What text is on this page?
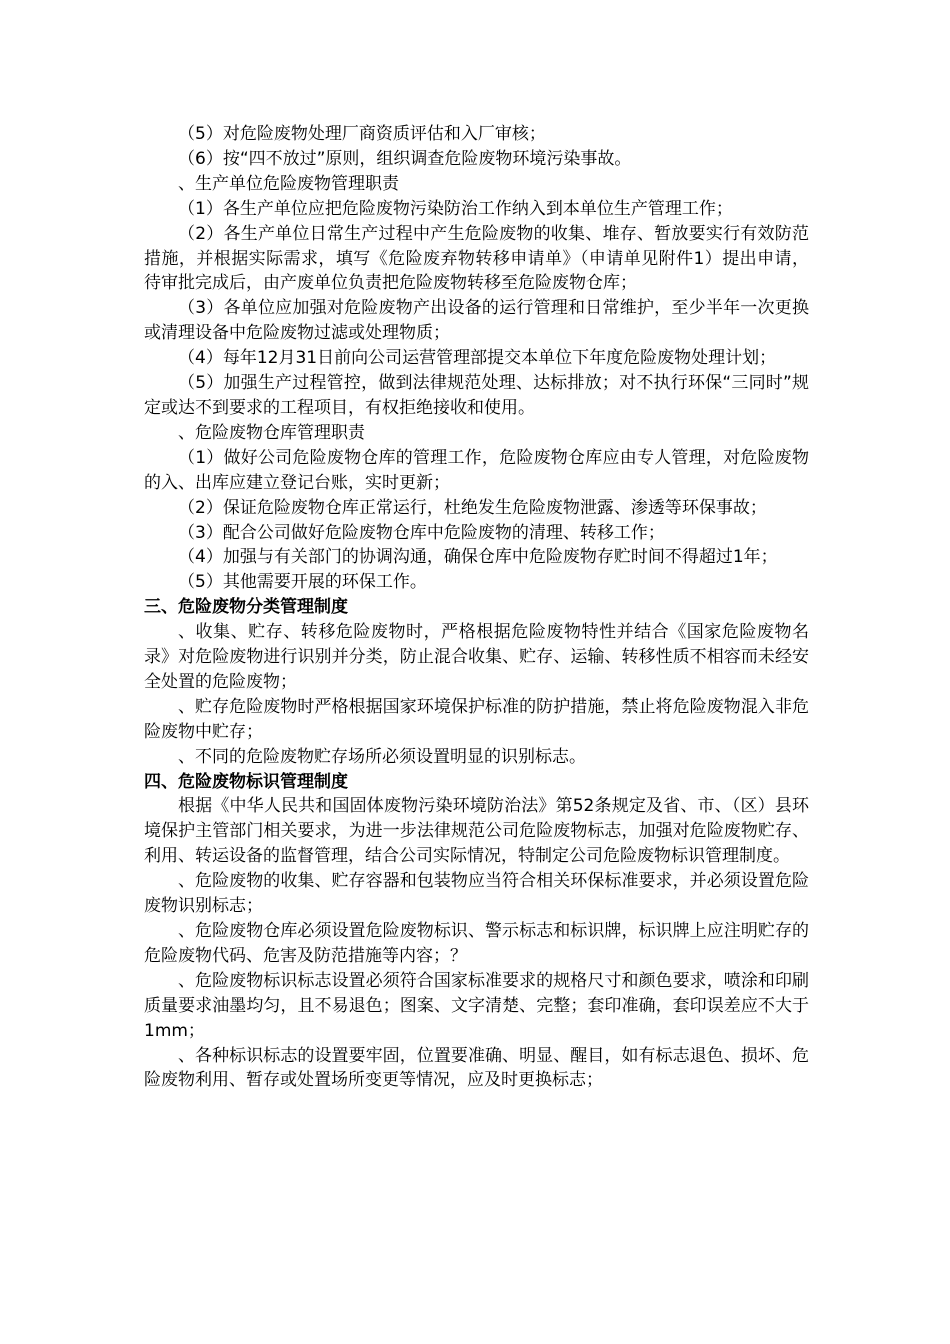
（5）对危险废物处理厂商资质评估和入厂审核；

（6）按“四不放过”原则，组织调查危险废物环境污染事故。

、生产单位危险废物管理职责

（1）各生产单位应把危险废物污染防治工作纳入到本单位生产管理工作；

（2）各生产单位日常生产过程中产生危险废物的收集、堆存、暂放要实行有效防范措施，并根据实际需求，填写《危险废弃物转移申请单》（申请单见附件1）提出申请，待审批完成后，由产废单位负责把危险废物转移至危险废物仓库；

（3）各单位应加强对危险废物产出设备的运行管理和日常维护，至少半年一次更换或清理设备中危险废物过滤或处理物质；

（4）每年12月31日前向公司运营管理部提交本单位下年度危险废物处理计划；

（5）加强生产过程管控，做到法律规范处理、达标排放；对不执行环保“三同时”规定或达不到要求的工程项目，有权拒绝接收和使用。

、危险废物仓库管理职责

（1）做好公司危险废物仓库的管理工作，危险废物仓库应由专人管理，对危险废物的入、出库应建立登记台账，实时更新；

（2）保证危险废物仓库正常运行，杜绝发生危险废物泄露、渗透等环保事故；

（3）配合公司做好危险废物仓库中危险废物的清理、转移工作；

（4）加强与有关部门的协调沟通，确保仓库中危险废物存贮时间不得超过1年；

（5）其他需要开展的环保工作。

三、危险废物分类管理制度

、收集、贮存、转移危险废物时，严格根据危险废物特性并结合《国家危险废物名录》对危险废物进行识别并分类，防止混合收集、贮存、运输、转移性质不相容而未经安全处置的危险废物；

、贮存危险废物时严格根据国家环境保护标准的防护措施，禁止将危险废物混入非危险废物中贮存；

、不同的危险废物贮存场所必须设置明显的识别标志。

四、危险废物标识管理制度

根据《中华人民共和国固体废物污染环境防治法》第52条规定及省、市、（区）县环境保护主管部门相关要求，为进一步法律规范公司危险废物标志，加强对危险废物贮存、利用、转运设备的监督管理，结合公司实际情况，特制定公司危险废物标识管理制度。

、危险废物的收集、贮存容器和包装物应当符合相关环保标准要求，并必须设置危险废物识别标志；

、危险废物仓库必须设置危险废物标识、警示标志和标识牌，标识牌上应注明贮存的危险废物代码、危害及防范措施等内容；？

、危险废物标识标志设置必须符合国家标准要求的规格尺寸和颜色要求，喷涂和印刷质量要求油墨均匀，且不易退色；图案、文字清楚、完整；套印准确，套印误差应不大于1mm；

、各种标识标志的设置要牢固，位置要准确、明显、醒目，如有标志退色、损坏、危险废物利用、暂存或处置场所变更等情况，应及时更换标志；
